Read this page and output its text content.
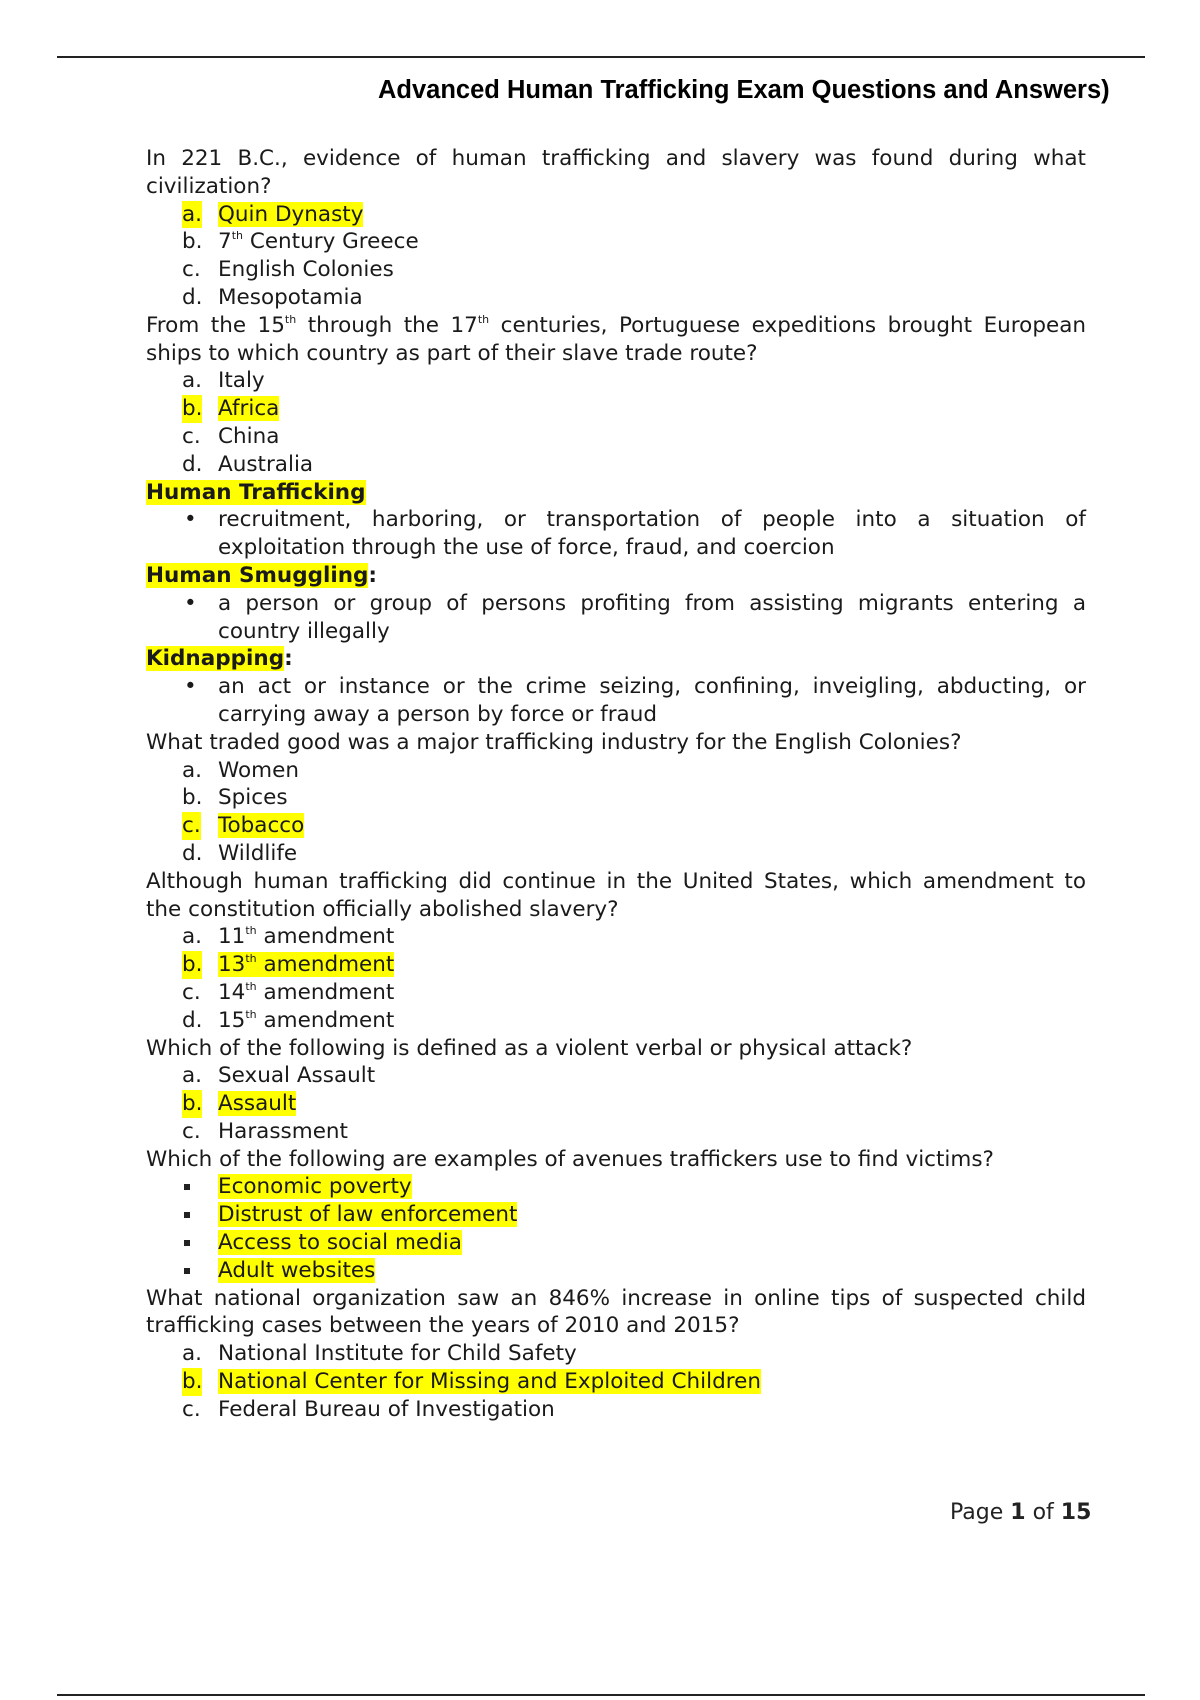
Advanced Human Trafficking Exam Questions and Answers)
In 221 B.C., evidence of human trafficking and slavery was found during what civilization?
a. Quin Dynasty
b. 7th Century Greece
c. English Colonies
d. Mesopotamia
From the 15th through the 17th centuries, Portuguese expeditions brought European ships to which country as part of their slave trade route?
a. Italy
b. Africa
c. China
d. Australia
Human Trafficking
• recruitment, harboring, or transportation of people into a situation of exploitation through the use of force, fraud, and coercion
Human Smuggling:
• a person or group of persons profiting from assisting migrants entering a country illegally
Kidnapping:
• an act or instance or the crime seizing, confining, inveigling, abducting, or carrying away a person by force or fraud
What traded good was a major trafficking industry for the English Colonies?
a. Women
b. Spices
c. Tobacco
d. Wildlife
Although human trafficking did continue in the United States, which amendment to the constitution officially abolished slavery?
a. 11th amendment
b. 13th amendment
c. 14th amendment
d. 15th amendment
Which of the following is defined as a violent verbal or physical attack?
a. Sexual Assault
b. Assault
c. Harassment
Which of the following are examples of avenues traffickers use to find victims?
Economic poverty
Distrust of law enforcement
Access to social media
Adult websites
What national organization saw an 846% increase in online tips of suspected child trafficking cases between the years of 2010 and 2015?
a. National Institute for Child Safety
b. National Center for Missing and Exploited Children
c. Federal Bureau of Investigation
Page 1 of 15
